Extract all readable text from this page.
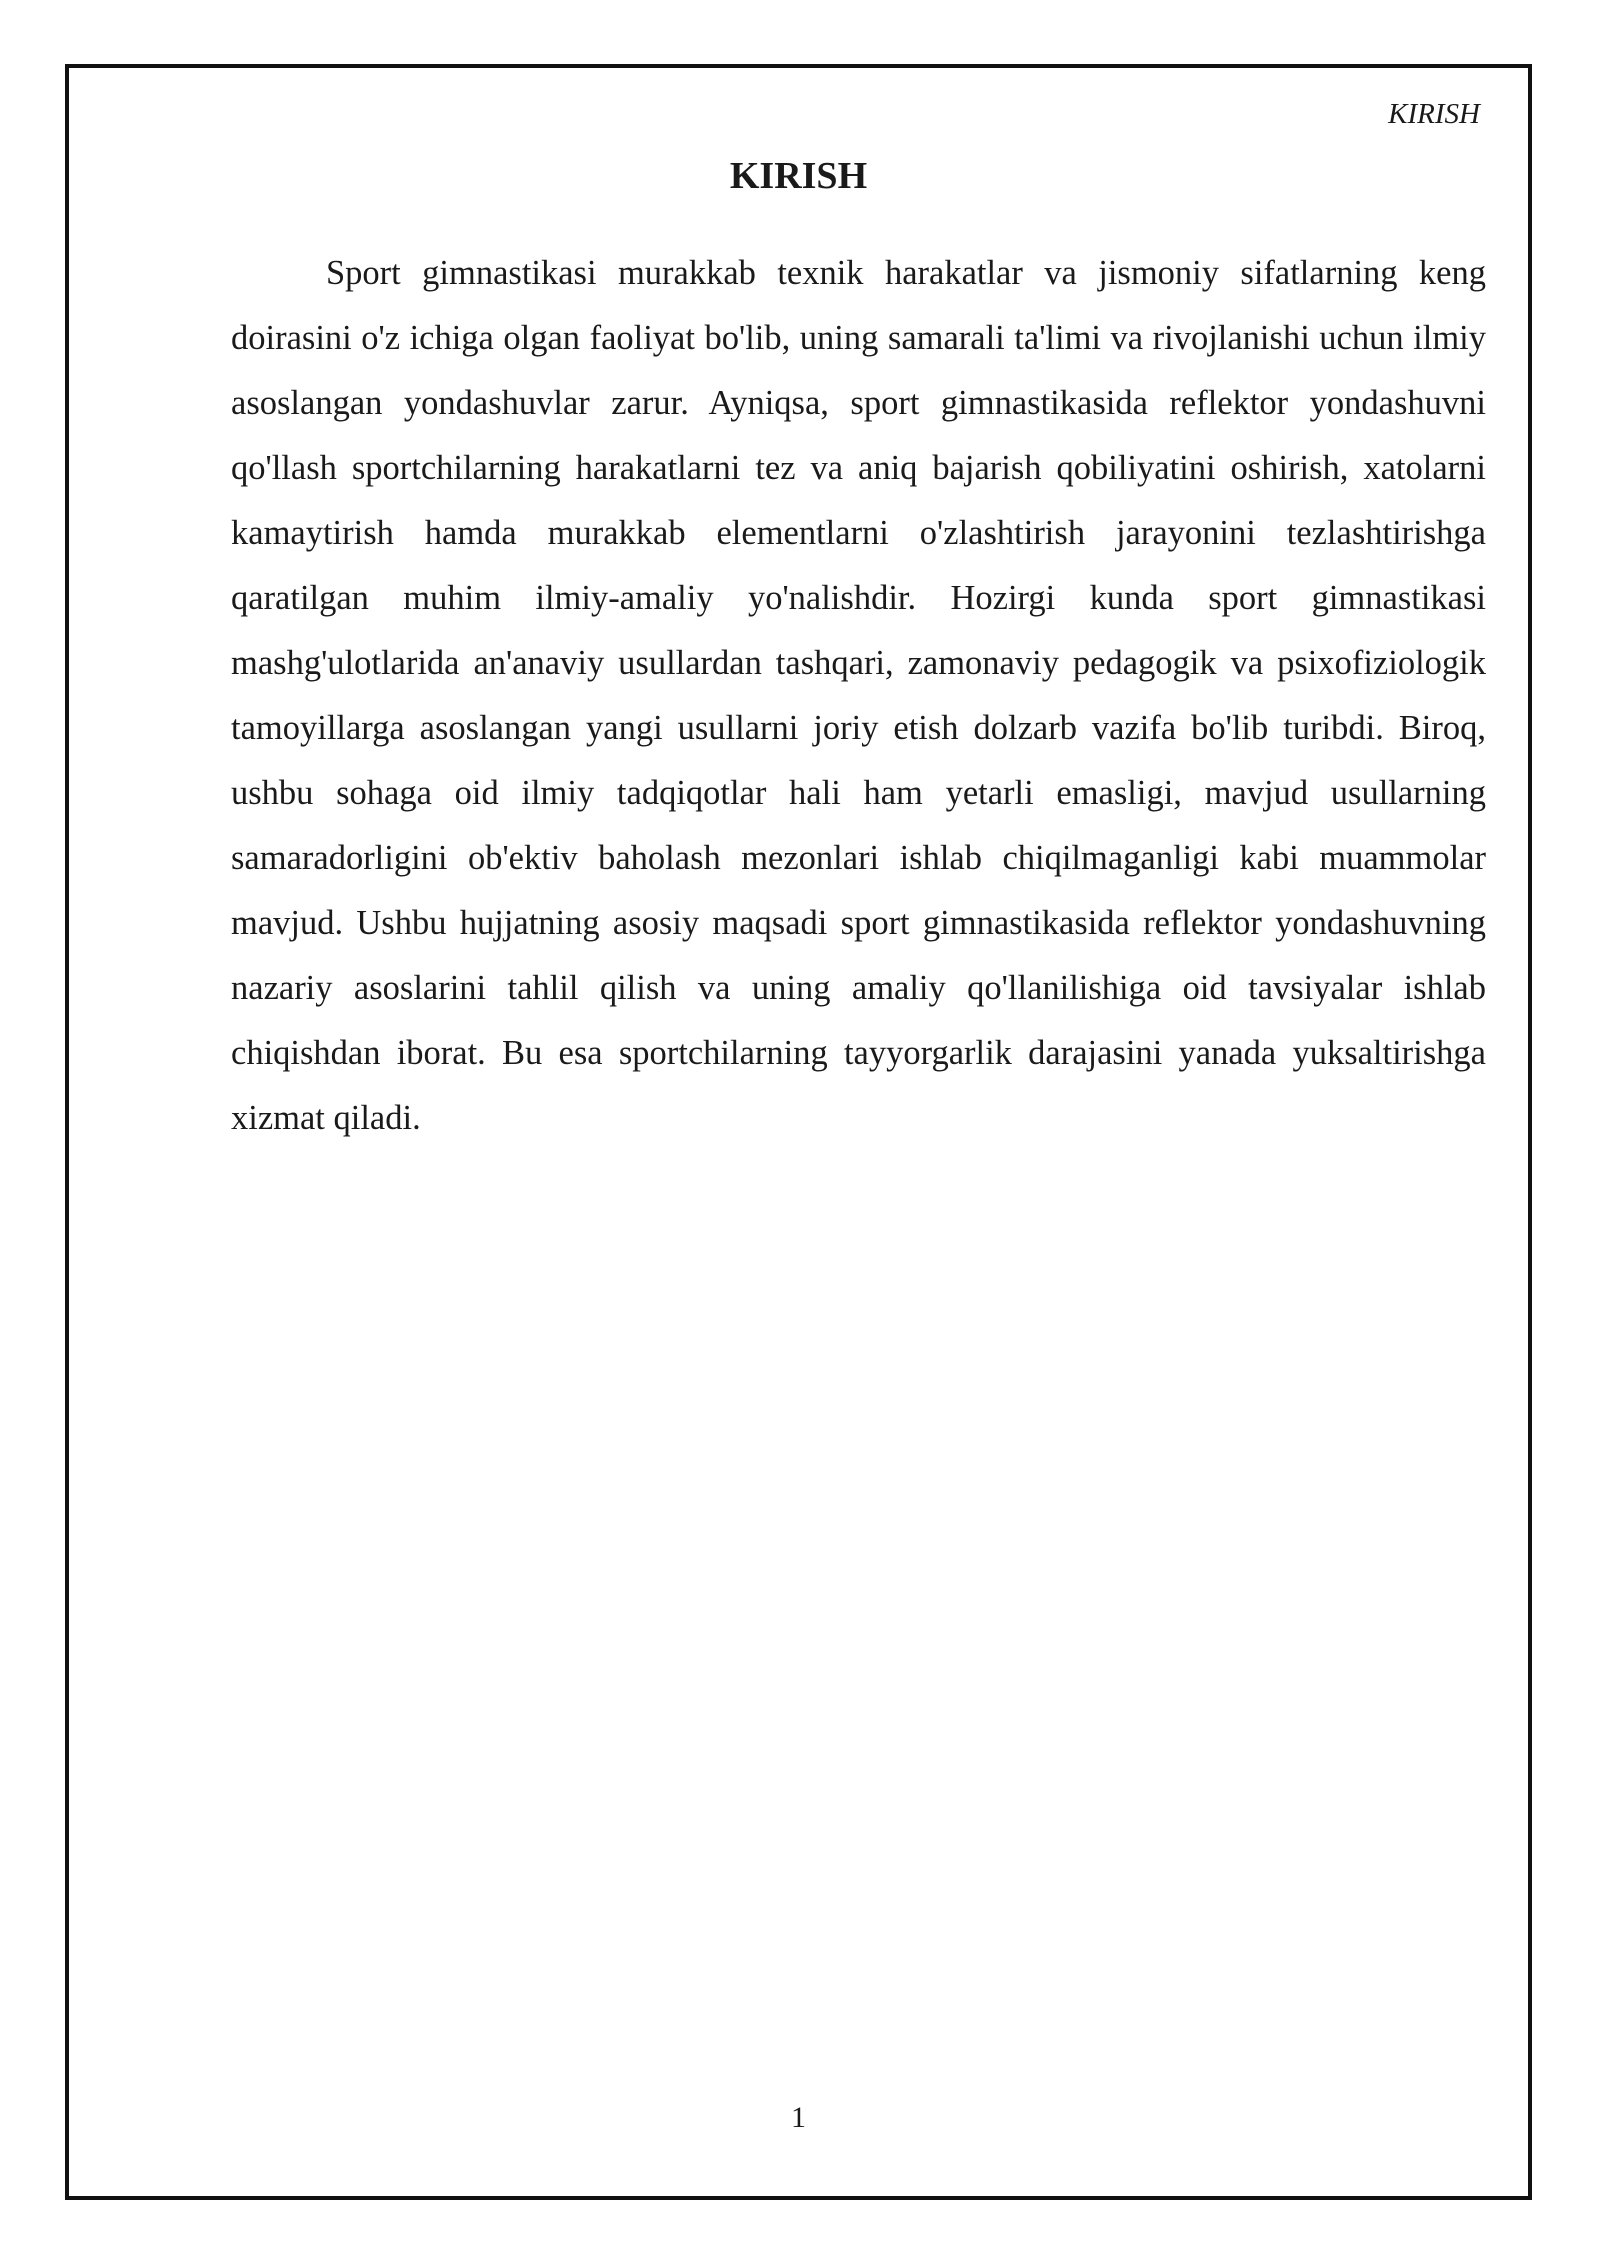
KIRISH
KIRISH

Sport gimnastikasi murakkab texnik harakatlar va jismoniy sifatlarning keng doirasini o'z ichiga olgan faoliyat bo'lib, uning samarali ta'limi va rivojlanishi uchun ilmiy asoslangan yondashuvlar zarur. Ayniqsa, sport gimnastikasida reflektor yondashuvni qo'llash sportchilarning harakatlarni tez va aniq bajarish qobiliyatini oshirish, xatolarni kamaytirish hamda murakkab elementlarni o'zlashtirish jarayonini tezlashtirishga qaratilgan muhim ilmiy-amaliy yo'nalishdir. Hozirgi kunda sport gimnastikasi mashg'ulotlarida an'anaviy usullardan tashqari, zamonaviy pedagogik va psixofiziologik tamoyillarga asoslangan yangi usullarni joriy etish dolzarb vazifa bo'lib turibdi. Biroq, ushbu sohaga oid ilmiy tadqiqotlar hali ham yetarli emasligi, mavjud usullarning samaradorligini ob'ektiv baholash mezonlari ishlab chiqilmaganligi kabi muammolar mavjud. Ushbu hujjatning asosiy maqsadi sport gimnastikasida reflektor yondashuvning nazariy asoslarini tahlil qilish va uning amaliy qo'llanilishiga oid tavsiyalar ishlab chiqishdan iborat. Bu esa sportchilarning tayyorgarlik darajasini yanada yuksaltirishga xizmat qiladi.

1
